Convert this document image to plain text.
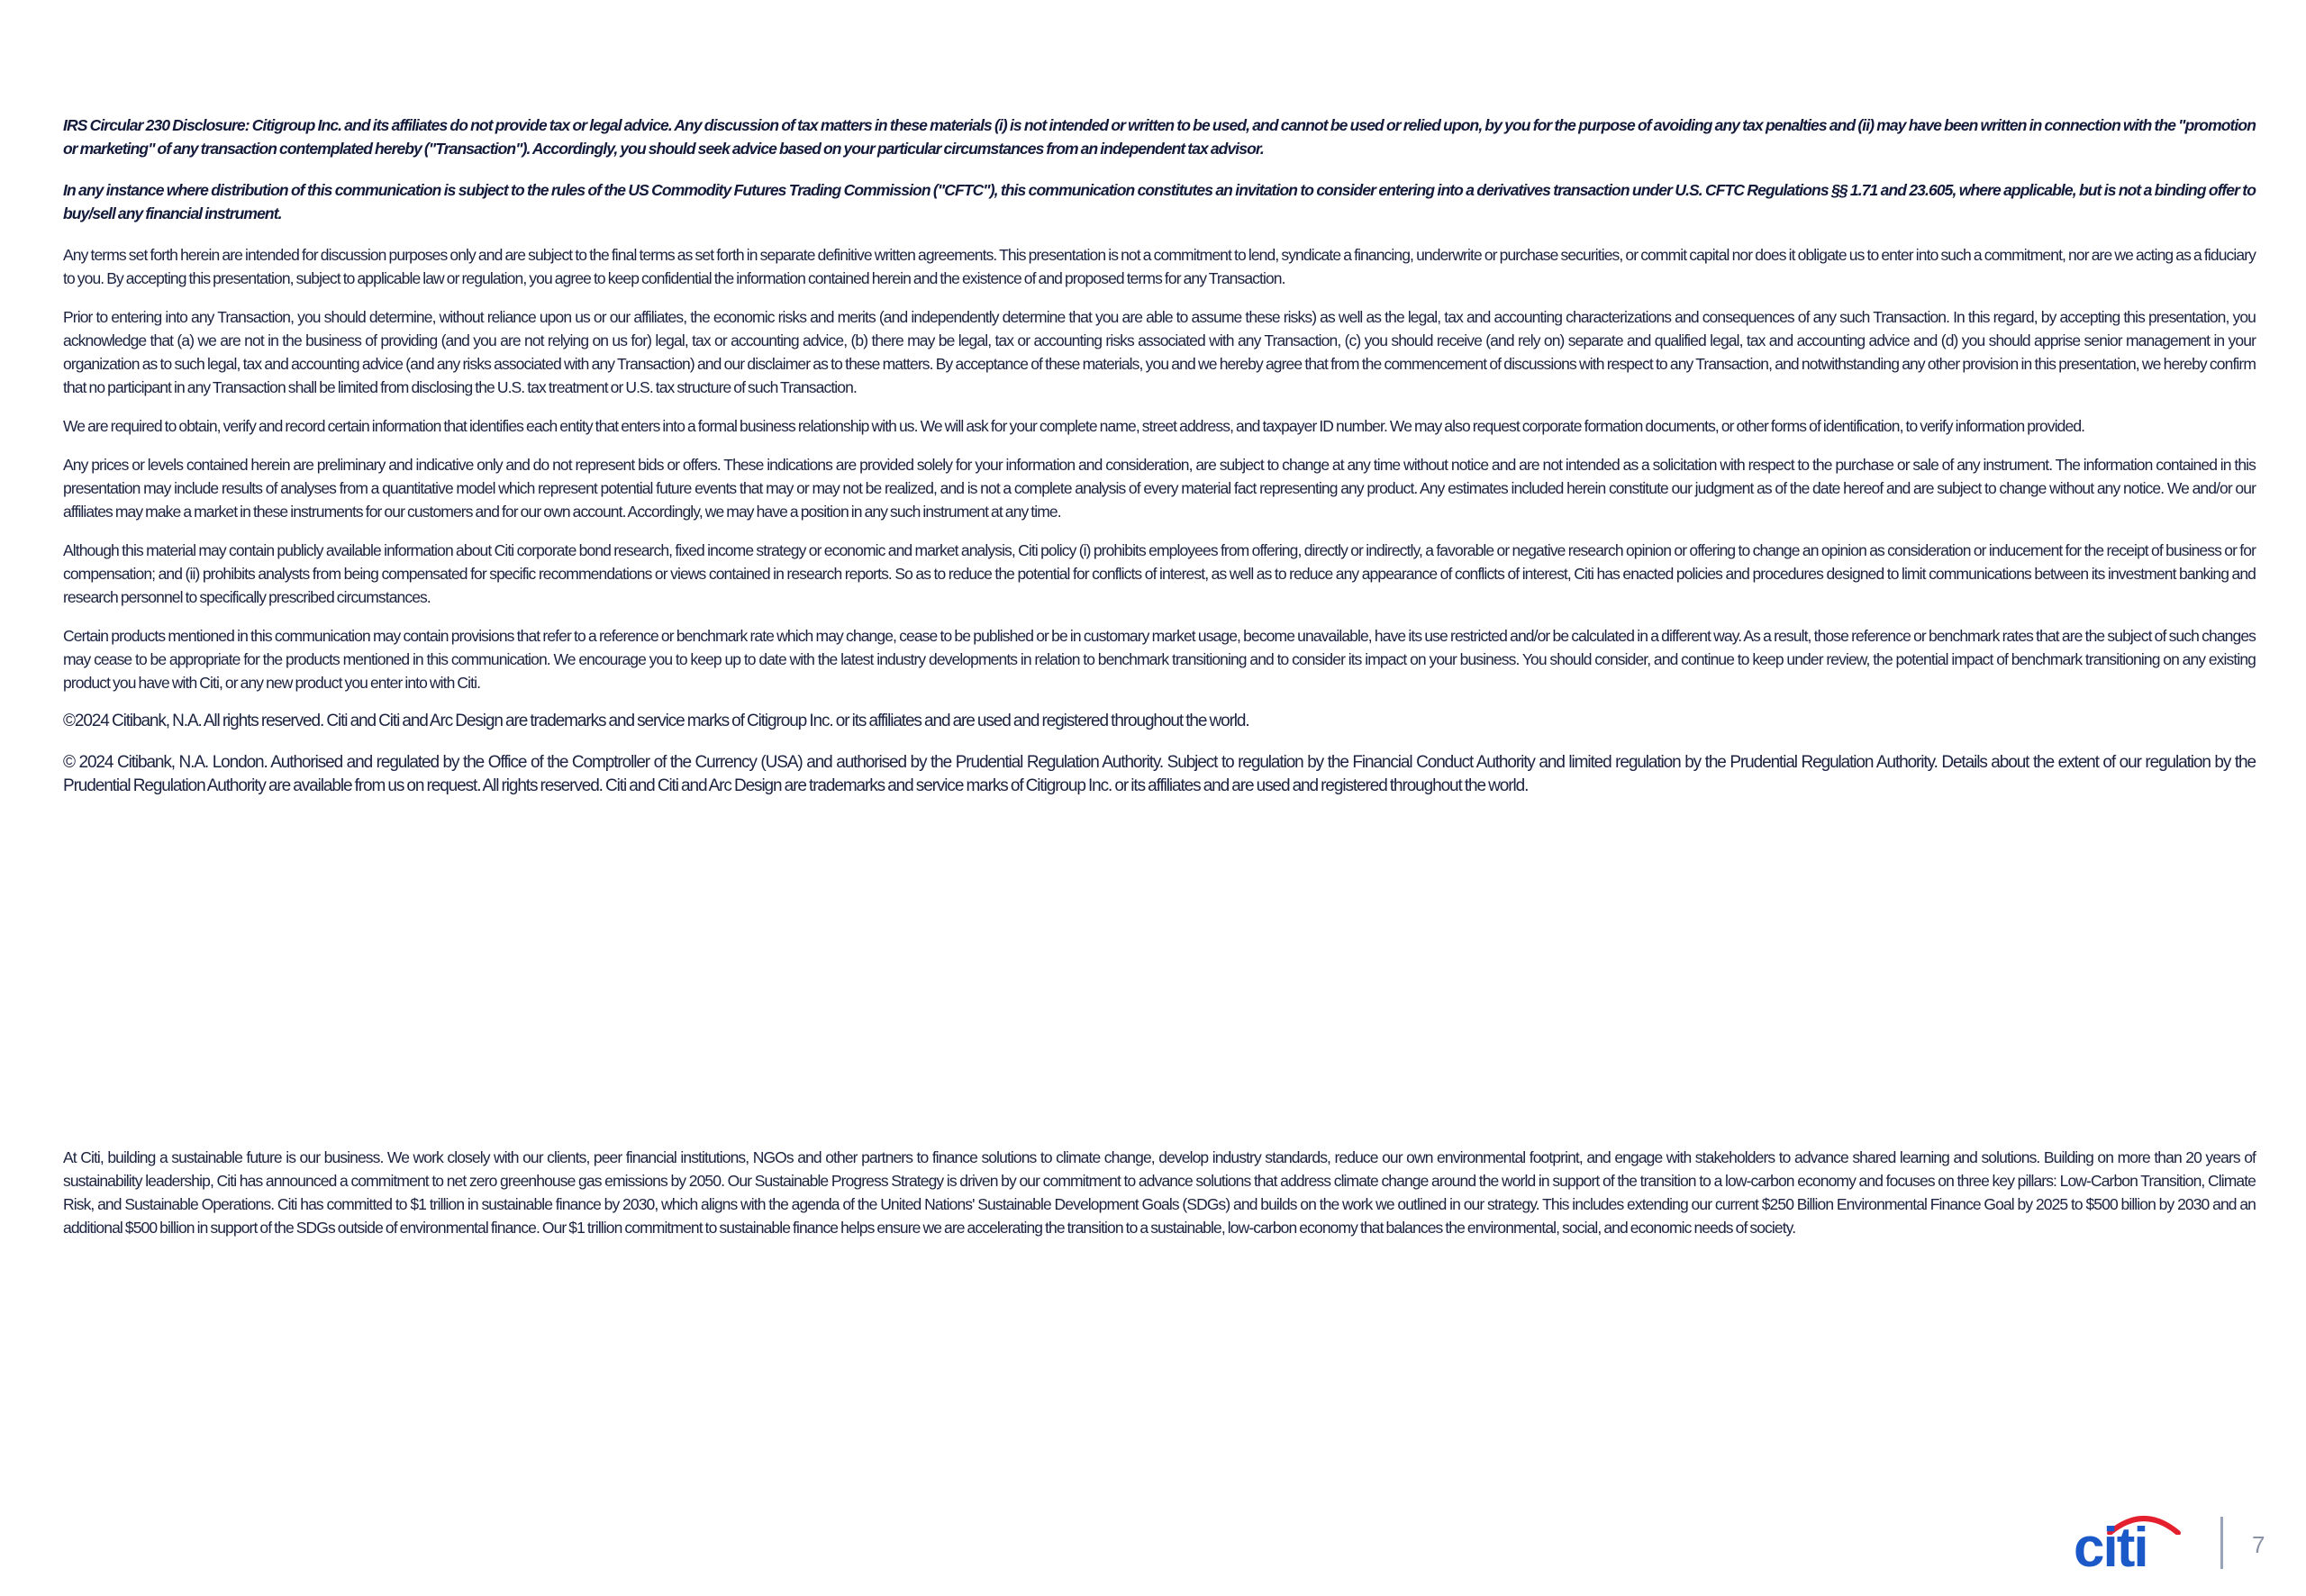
IRS Circular 230 Disclosure: Citigroup Inc. and its affiliates do not provide tax or legal advice. Any discussion of tax matters in these materials (i) is not intended or written to be used, and cannot be used or relied upon, by you for the purpose of avoiding any tax penalties and (ii) may have been written in connection with the "promotion or marketing" of any transaction contemplated hereby ("Transaction"). Accordingly, you should seek advice based on your particular circumstances from an independent tax advisor.

In any instance where distribution of this communication is subject to the rules of the US Commodity Futures Trading Commission ("CFTC"), this communication constitutes an invitation to consider entering into a derivatives transaction under U.S. CFTC Regulations §§ 1.71 and 23.605, where applicable, but is not a binding offer to buy/sell any financial instrument.

Any terms set forth herein are intended for discussion purposes only and are subject to the final terms as set forth in separate definitive written agreements. This presentation is not a commitment to lend, syndicate a financing, underwrite or purchase securities, or commit capital nor does it obligate us to enter into such a commitment, nor are we acting as a fiduciary to you. By accepting this presentation, subject to applicable law or regulation, you agree to keep confidential the information contained herein and the existence of and proposed terms for any Transaction.

Prior to entering into any Transaction, you should determine, without reliance upon us or our affiliates, the economic risks and merits (and independently determine that you are able to assume these risks) as well as the legal, tax and accounting characterizations and consequences of any such Transaction. In this regard, by accepting this presentation, you acknowledge that (a) we are not in the business of providing (and you are not relying on us for) legal, tax or accounting advice, (b) there may be legal, tax or accounting risks associated with any Transaction, (c) you should receive (and rely on) separate and qualified legal, tax and accounting advice and (d) you should apprise senior management in your organization as to such legal, tax and accounting advice (and any risks associated with any Transaction) and our disclaimer as to these matters. By acceptance of these materials, you and we hereby agree that from the commencement of discussions with respect to any Transaction, and notwithstanding any other provision in this presentation, we hereby confirm that no participant in any Transaction shall be limited from disclosing the U.S. tax treatment or U.S. tax structure of such Transaction.

We are required to obtain, verify and record certain information that identifies each entity that enters into a formal business relationship with us. We will ask for your complete name, street address, and taxpayer ID number. We may also request corporate formation documents, or other forms of identification, to verify information provided.

Any prices or levels contained herein are preliminary and indicative only and do not represent bids or offers. These indications are provided solely for your information and consideration, are subject to change at any time without notice and are not intended as a solicitation with respect to the purchase or sale of any instrument. The information contained in this presentation may include results of analyses from a quantitative model which represent potential future events that may or may not be realized, and is not a complete analysis of every material fact representing any product. Any estimates included herein constitute our judgment as of the date hereof and are subject to change without any notice. We and/or our affiliates may make a market in these instruments for our customers and for our own account. Accordingly, we may have a position in any such instrument at any time.

Although this material may contain publicly available information about Citi corporate bond research, fixed income strategy or economic and market analysis, Citi policy (i) prohibits employees from offering, directly or indirectly, a favorable or negative research opinion or offering to change an opinion as consideration or inducement for the receipt of business or for compensation; and (ii) prohibits analysts from being compensated for specific recommendations or views contained in research reports. So as to reduce the potential for conflicts of interest, as well as to reduce any appearance of conflicts of interest, Citi has enacted policies and procedures designed to limit communications between its investment banking and research personnel to specifically prescribed circumstances.

Certain products mentioned in this communication may contain provisions that refer to a reference or benchmark rate which may change, cease to be published or be in customary market usage, become unavailable, have its use restricted and/or be calculated in a different way. As a result, those reference or benchmark rates that are the subject of such changes may cease to be appropriate for the products mentioned in this communication. We encourage you to keep up to date with the latest industry developments in relation to benchmark transitioning and to consider its impact on your business. You should consider, and continue to keep under review, the potential impact of benchmark transitioning on any existing product you have with Citi, or any new product you enter into with Citi.

©2024 Citibank, N.A. All rights reserved. Citi and Citi and Arc Design are trademarks and service marks of Citigroup Inc. or its affiliates and are used and registered throughout the world.

© 2024 Citibank, N.A. London. Authorised and regulated by the Office of the Comptroller of the Currency (USA) and authorised by the Prudential Regulation Authority. Subject to regulation by the Financial Conduct Authority and limited regulation by the Prudential Regulation Authority. Details about the extent of our regulation by the Prudential Regulation Authority are available from us on request. All rights reserved. Citi and Citi and Arc Design are trademarks and service marks of Citigroup Inc. or its affiliates and are used and registered throughout the world.

At Citi, building a sustainable future is our business. We work closely with our clients, peer financial institutions, NGOs and other partners to finance solutions to climate change, develop industry standards, reduce our own environmental footprint, and engage with stakeholders to advance shared learning and solutions. Building on more than 20 years of sustainability leadership, Citi has announced a commitment to net zero greenhouse gas emissions by 2050. Our Sustainable Progress Strategy is driven by our commitment to advance solutions that address climate change around the world in support of the transition to a low-carbon economy and focuses on three key pillars: Low-Carbon Transition, Climate Risk, and Sustainable Operations. Citi has committed to $1 trillion in sustainable finance by 2030, which aligns with the agenda of the United Nations' Sustainable Development Goals (SDGs) and builds on the work we outlined in our strategy. This includes extending our current $250 Billion Environmental Finance Goal by 2025 to $500 billion by 2030 and an additional $500 billion in support of the SDGs outside of environmental finance. Our $1 trillion commitment to sustainable finance helps ensure we are accelerating the transition to a sustainable, low-carbon economy that balances the environmental, social, and economic needs of society.

citi	7
